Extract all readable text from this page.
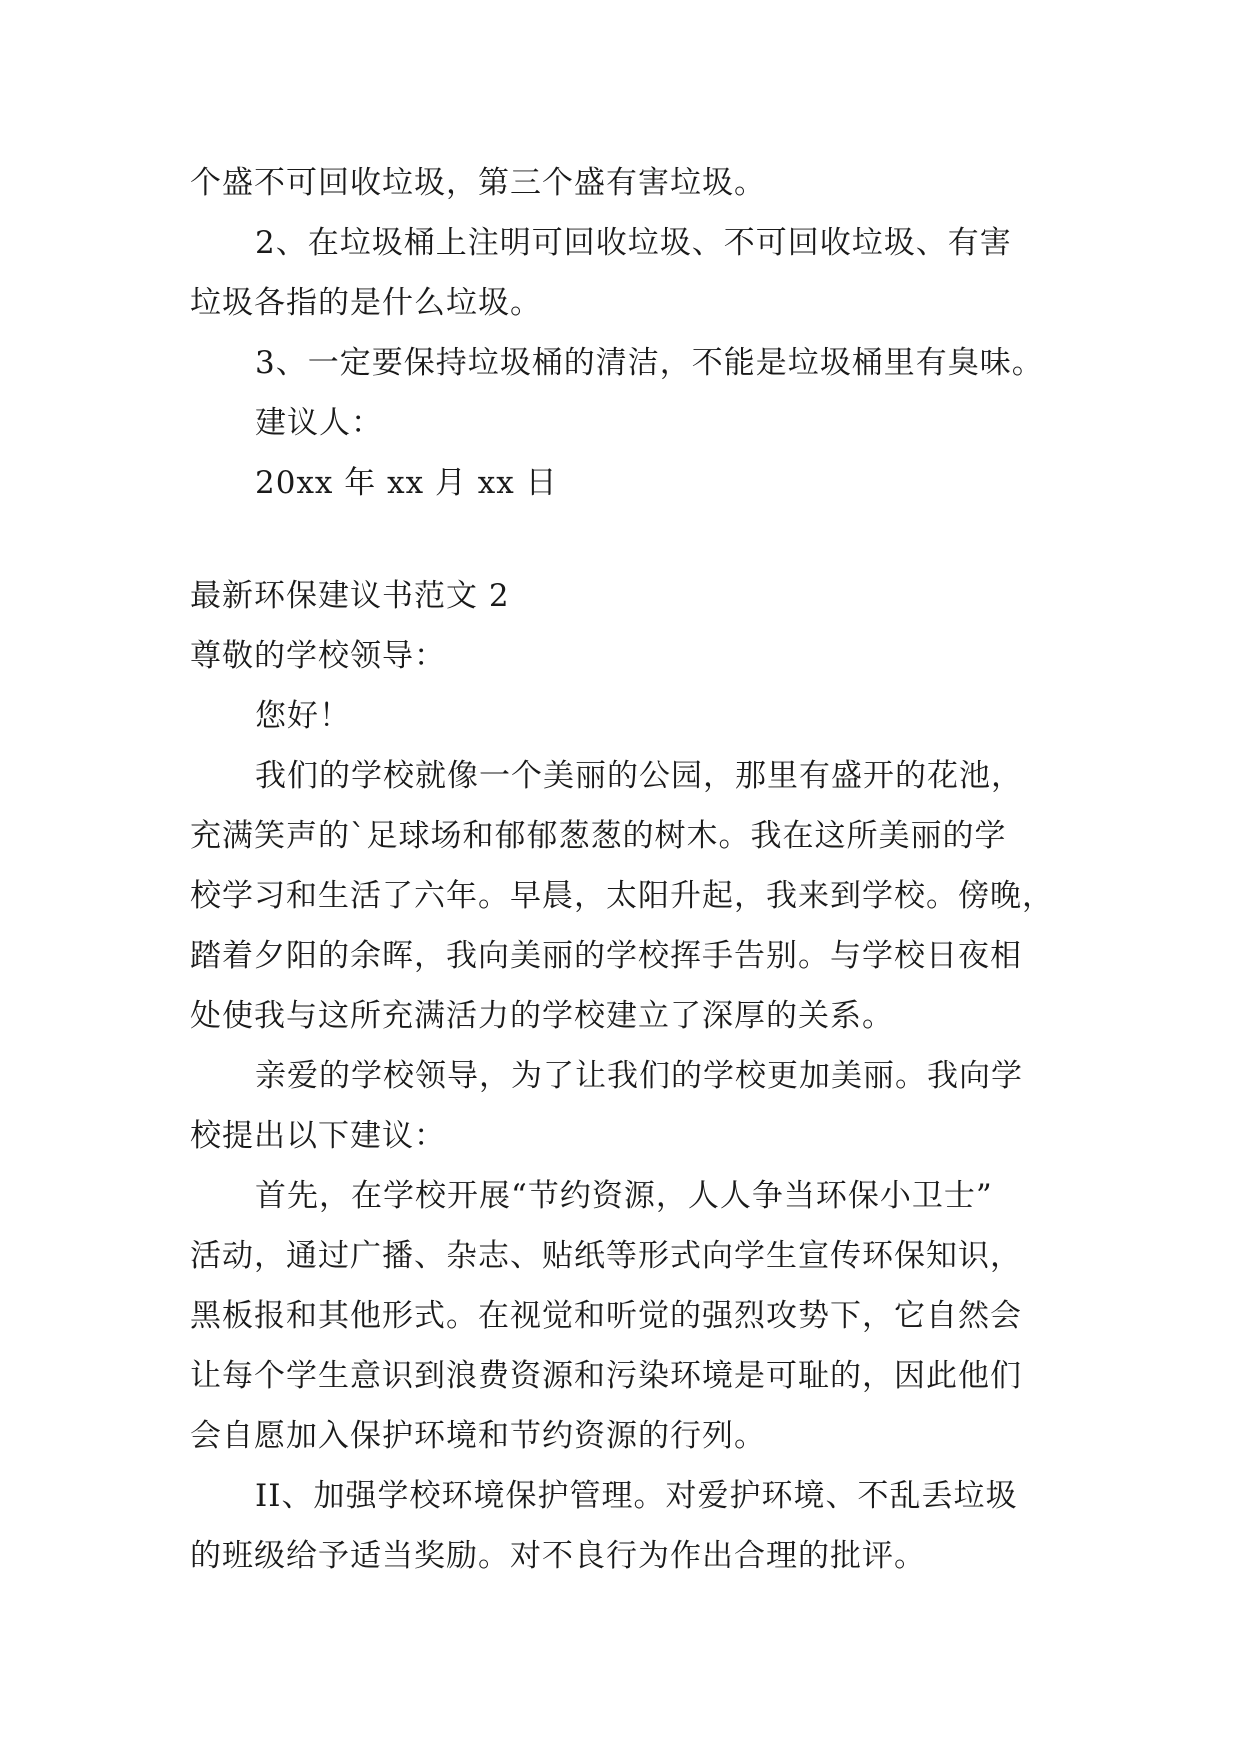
个盛不可回收垃圾，第三个盛有害垃圾。
2、在垃圾桶上注明可回收垃圾、不可回收垃圾、有害
垃圾各指的是什么垃圾。
3、一定要保持垃圾桶的清洁，不能是垃圾桶里有臭味。
建议人：
20xx 年 xx 月 xx 日
最新环保建议书范文 2
尊敬的学校领导：
您好！
我们的学校就像一个美丽的公园，那里有盛开的花池，
充满笑声的`足球场和郁郁葱葱的树木。我在这所美丽的学
校学习和生活了六年。早晨，太阳升起，我来到学校。傍晚，
踏着夕阳的余晖，我向美丽的学校挥手告别。与学校日夜相
处使我与这所充满活力的学校建立了深厚的关系。
亲爱的学校领导，为了让我们的学校更加美丽。我向学
校提出以下建议：
首先，在学校开展“节约资源，人人争当环保小卫士”
活动，通过广播、杂志、贴纸等形式向学生宣传环保知识，
黑板报和其他形式。在视觉和听觉的强烈攻势下，它自然会
让每个学生意识到浪费资源和污染环境是可耻的，因此他们
会自愿加入保护环境和节约资源的行列。
II、加强学校环境保护管理。对爱护环境、不乱丢垃圾
的班级给予适当奖励。对不良行为作出合理的批评。
